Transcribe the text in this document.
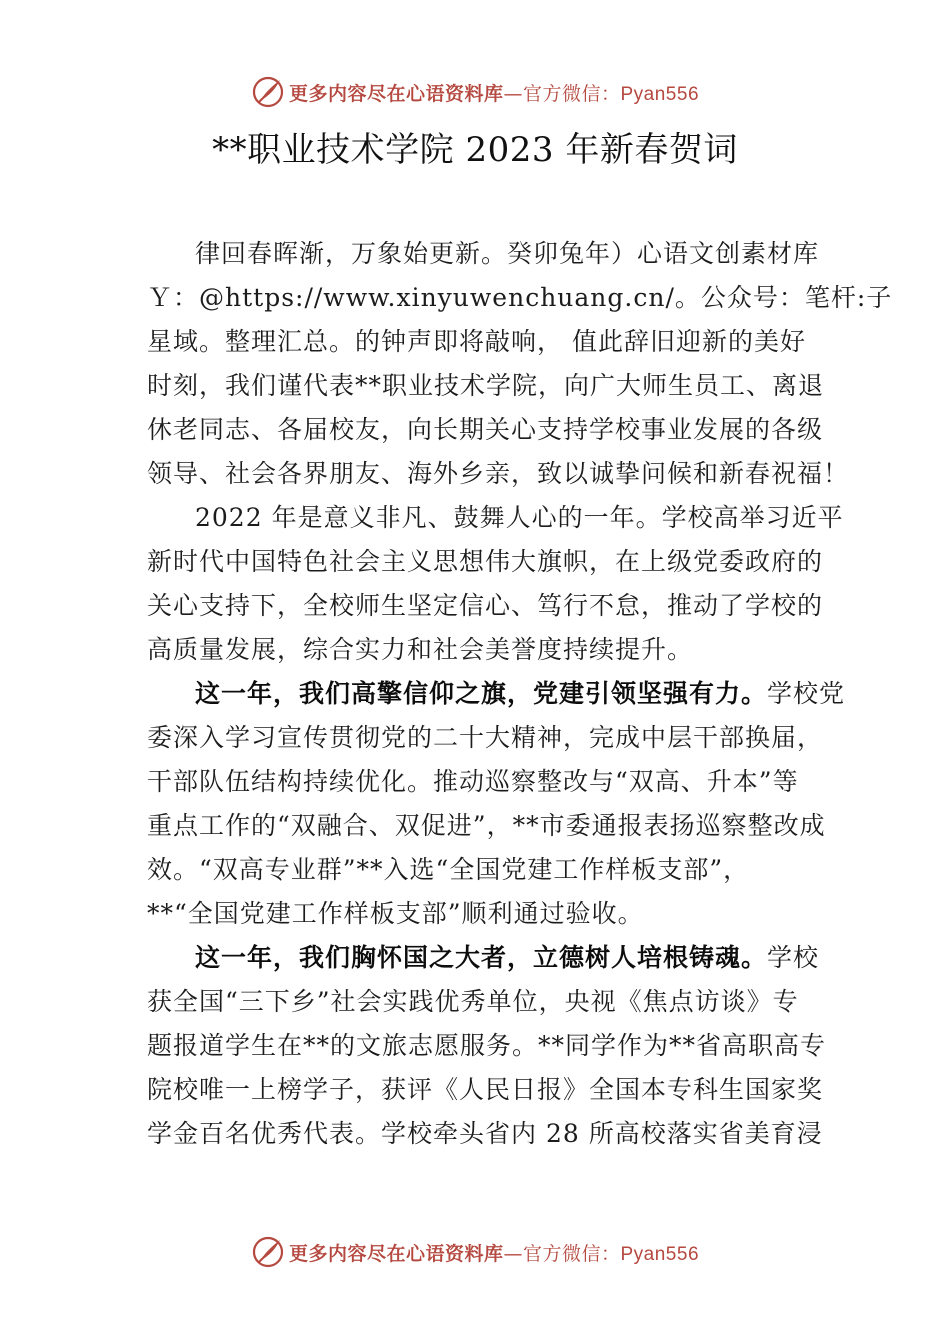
更多内容尽在心语资料库—官方微信：Pyan556
**职业技术学院 2023 年新春贺词
律回春晖渐，万象始更新。癸卯兔年）心语文创素材库
Ｙ：@https://www.xinyuwenchuang.cn/。公众号：笔杆:子
星域。整理汇总。的钟声即将敲响， 值此辞旧迎新的美好
时刻，我们谨代表**职业技术学院，向广大师生员工、离退
休老同志、各届校友，向长期关心支持学校事业发展的各级
领导、社会各界朋友、海外乡亲，致以诚挚问候和新春祝福！
2022 年是意义非凡、鼓舞人心的一年。学校高举习近平
新时代中国特色社会主义思想伟大旗帜，在上级党委政府的
关心支持下，全校师生坚定信心、笃行不怠，推动了学校的
高质量发展，综合实力和社会美誉度持续提升。
这一年，我们高擎信仰之旗，党建引领坚强有力。学校党
委深入学习宣传贯彻党的二十大精神，完成中层干部换届，
干部队伍结构持续优化。推动巡察整改与“双高、升本”等
重点工作的“双融合、双促进”，**市委通报表扬巡察整改成
效。“双高专业群”**入选“全国党建工作样板支部”，
**“全国党建工作样板支部”顺利通过验收。
这一年，我们胸怀国之大者，立德树人培根铸魂。学校
获全国“三下乡”社会实践优秀单位，央视《焦点访谈》专
题报道学生在**的文旅志愿服务。**同学作为**省高职高专
院校唯一上榜学子，获评《人民日报》全国本专科生国家奖
学金百名优秀代表。学校牵头省内 28 所高校落实省美育浸
更多内容尽在心语资料库—官方微信：Pyan556
